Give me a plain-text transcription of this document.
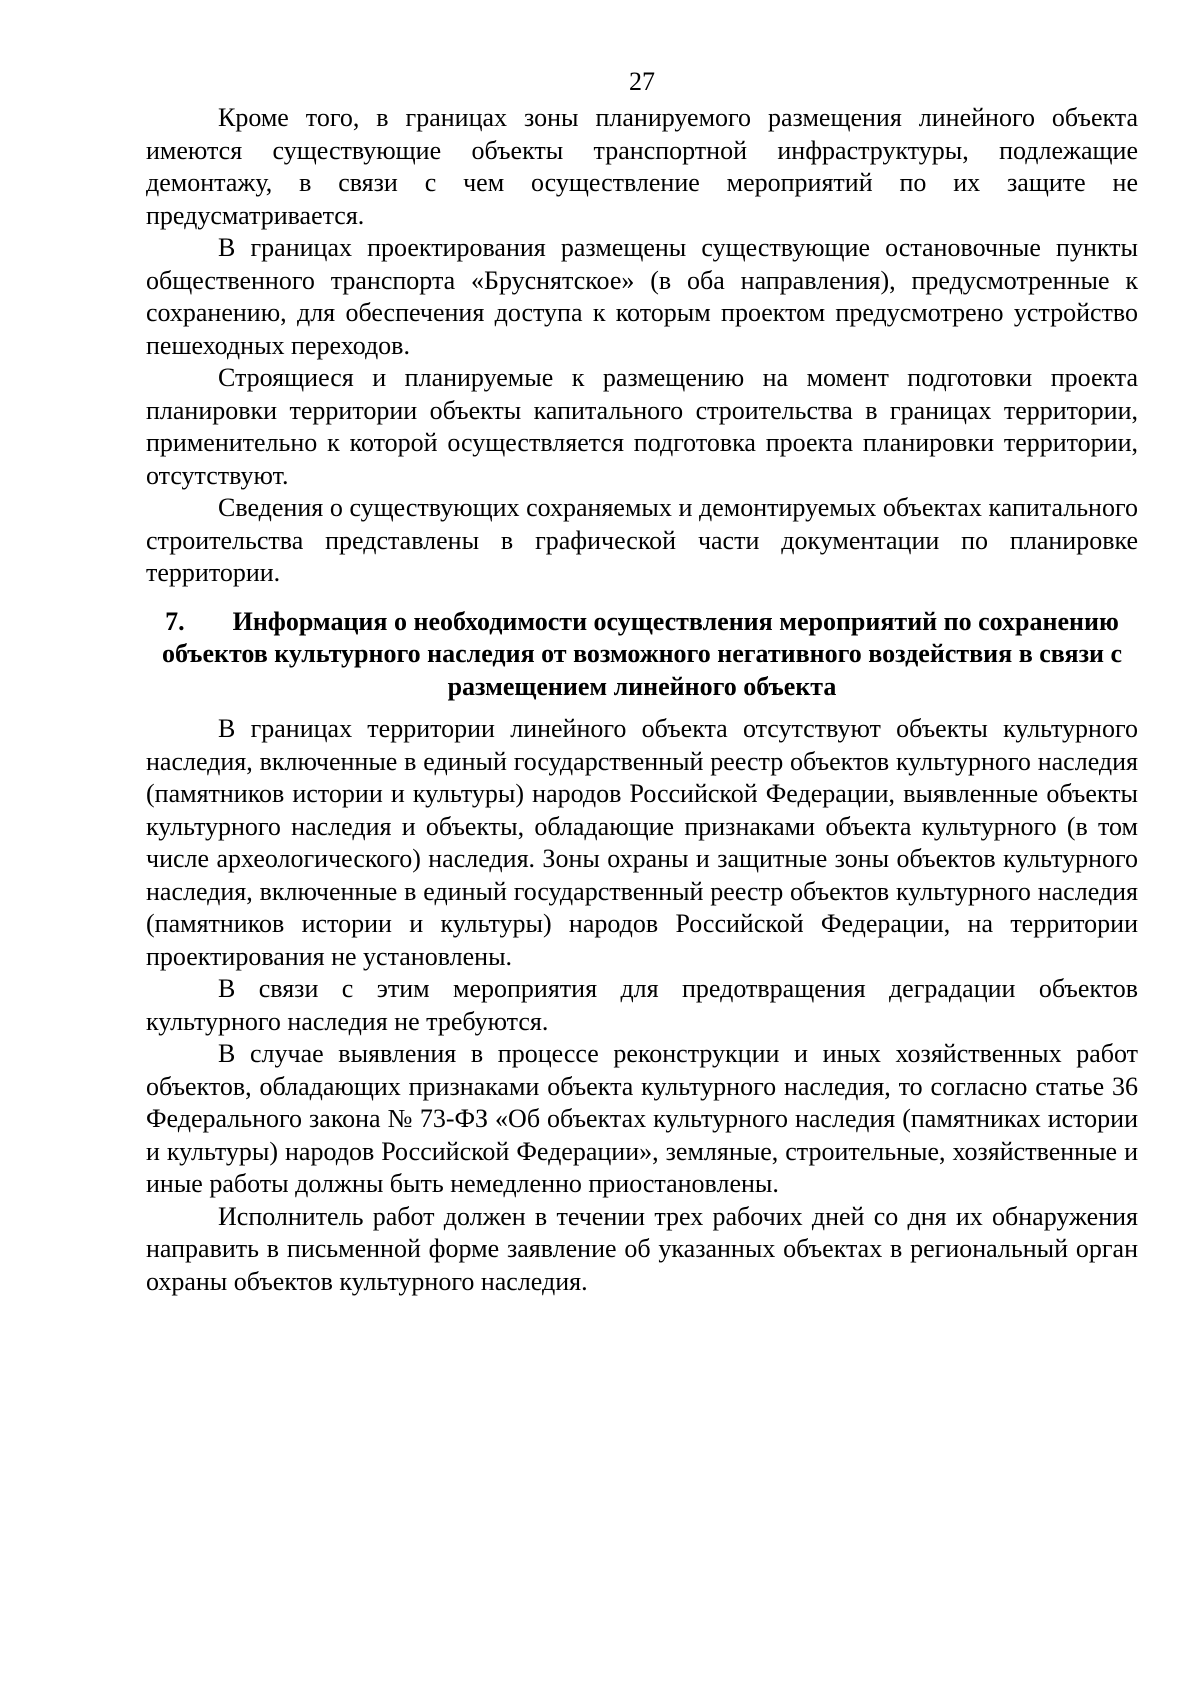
27

Кроме того, в границах зоны планируемого размещения линейного объекта имеются существующие объекты транспортной инфраструктуры, подлежащие демонтажу, в связи с чем осуществление мероприятий по их защите не предусматривается.

В границах проектирования размещены существующие остановочные пункты общественного транспорта «Бруснятское» (в оба направления), предусмотренные к сохранению, для обеспечения доступа к которым проектом предусмотрено устройство пешеходных переходов.

Строящиеся и планируемые к размещению на момент подготовки проекта планировки территории объекты капитального строительства в границах территории, применительно к которой осуществляется подготовка проекта планировки территории, отсутствуют.

Сведения о существующих сохраняемых и демонтируемых объектах капитального строительства представлены в графической части документации по планировке территории.

7. Информация о необходимости осуществления мероприятий по сохранению объектов культурного наследия от возможного негативного воздействия в связи с размещением линейного объекта

В границах территории линейного объекта отсутствуют объекты культурного наследия, включенные в единый государственный реестр объектов культурного наследия (памятников истории и культуры) народов Российской Федерации, выявленные объекты культурного наследия и объекты, обладающие признаками объекта культурного (в том числе археологического) наследия. Зоны охраны и защитные зоны объектов культурного наследия, включенные в единый государственный реестр объектов культурного наследия (памятников истории и культуры) народов Российской Федерации, на территории проектирования не установлены.

В связи с этим мероприятия для предотвращения деградации объектов культурного наследия не требуются.

В случае выявления в процессе реконструкции и иных хозяйственных работ объектов, обладающих признаками объекта культурного наследия, то согласно статье 36 Федерального закона № 73-ФЗ «Об объектах культурного наследия (памятниках истории и культуры) народов Российской Федерации», земляные, строительные, хозяйственные и иные работы должны быть немедленно приостановлены.

Исполнитель работ должен в течении трех рабочих дней со дня их обнаружения направить в письменной форме заявление об указанных объектах в региональный орган охраны объектов культурного наследия.
